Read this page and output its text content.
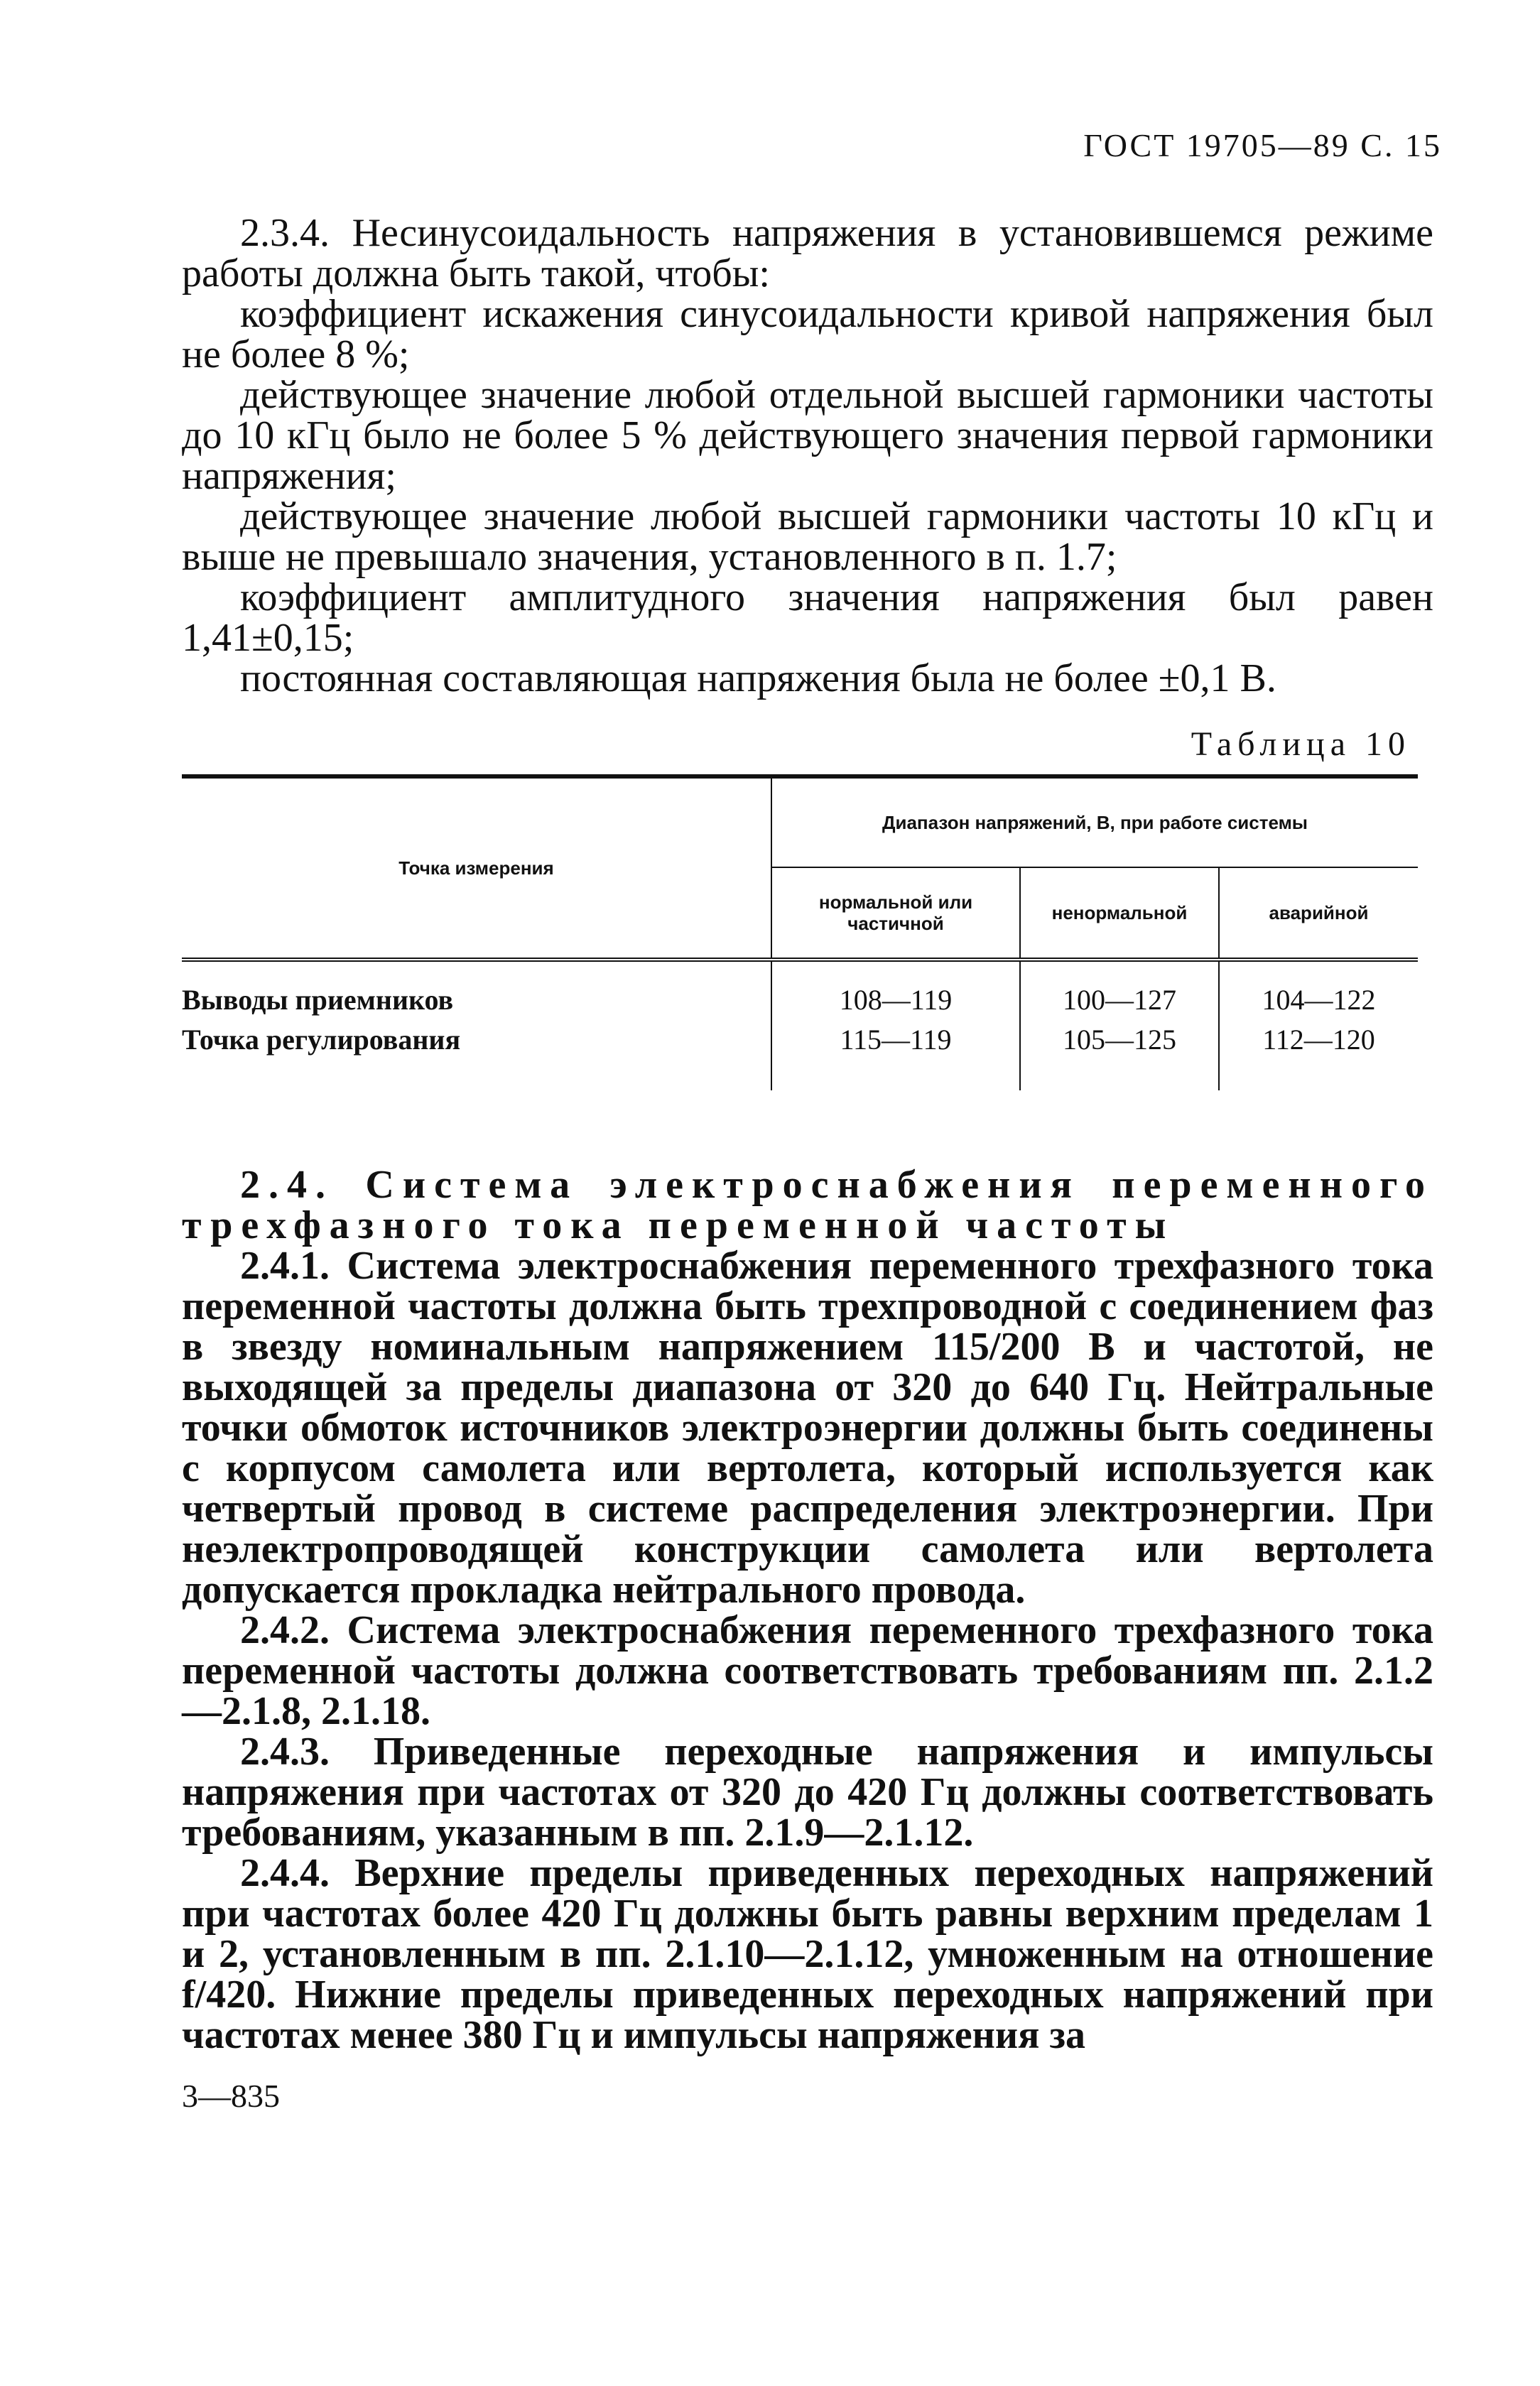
ГОСТ 19705—89 С. 15

2.3.4. Несинусоидальность напряжения в установившемся режиме работы должна быть такой, чтобы:

коэффициент искажения синусоидальности кривой напряжения был не более 8 %;

действующее значение любой отдельной высшей гармоники частоты до 10 кГц было не более 5 % действующего значения первой гармоники напряжения;

действующее значение любой высшей гармоники частоты 10 кГц и выше не превышало значения, установленного в п. 1.7;

коэффициент амплитудного значения напряжения был равен 1,41±0,15;

постоянная составляющая напряжения была не более ±0,1 В.

Таблица 10
Точка измерения	Диапазон напряжений, В, при работе системы		
	нормальной или частичной	ненормальной	аварийной
Выводы приемников	108—119	100—127	104—122
Точка регулирования	115—119	105—125	112—120

2.4. Система электроснабжения переменного трехфазного тока переменной частоты

2.4.1. Система электроснабжения переменного трехфазного тока переменной частоты должна быть трехпроводной с соединением фаз в звезду номинальным напряжением 115/200 В и частотой, не выходящей за пределы диапазона от 320 до 640 Гц. Нейтральные точки обмоток источников электроэнергии должны быть соединены с корпусом самолета или вертолета, который используется как четвертый провод в системе распределения электроэнергии. При неэлектропроводящей конструкции самолета или вертолета допускается прокладка нейтрального провода.

2.4.2. Система электроснабжения переменного трехфазного тока переменной частоты должна соответствовать требованиям пп. 2.1.2—2.1.8, 2.1.18.

2.4.3. Приведенные переходные напряжения и импульсы напряжения при частотах от 320 до 420 Гц должны соответствовать требованиям, указанным в пп. 2.1.9—2.1.12.

2.4.4. Верхние пределы приведенных переходных напряжений при частотах более 420 Гц должны быть равны верхним пределам 1 и 2, установленным в пп. 2.1.10—2.1.12, умноженным на отношение f/420. Нижние пределы приведенных переходных напряжений при частотах менее 380 Гц и импульсы напряжения за

3—835
